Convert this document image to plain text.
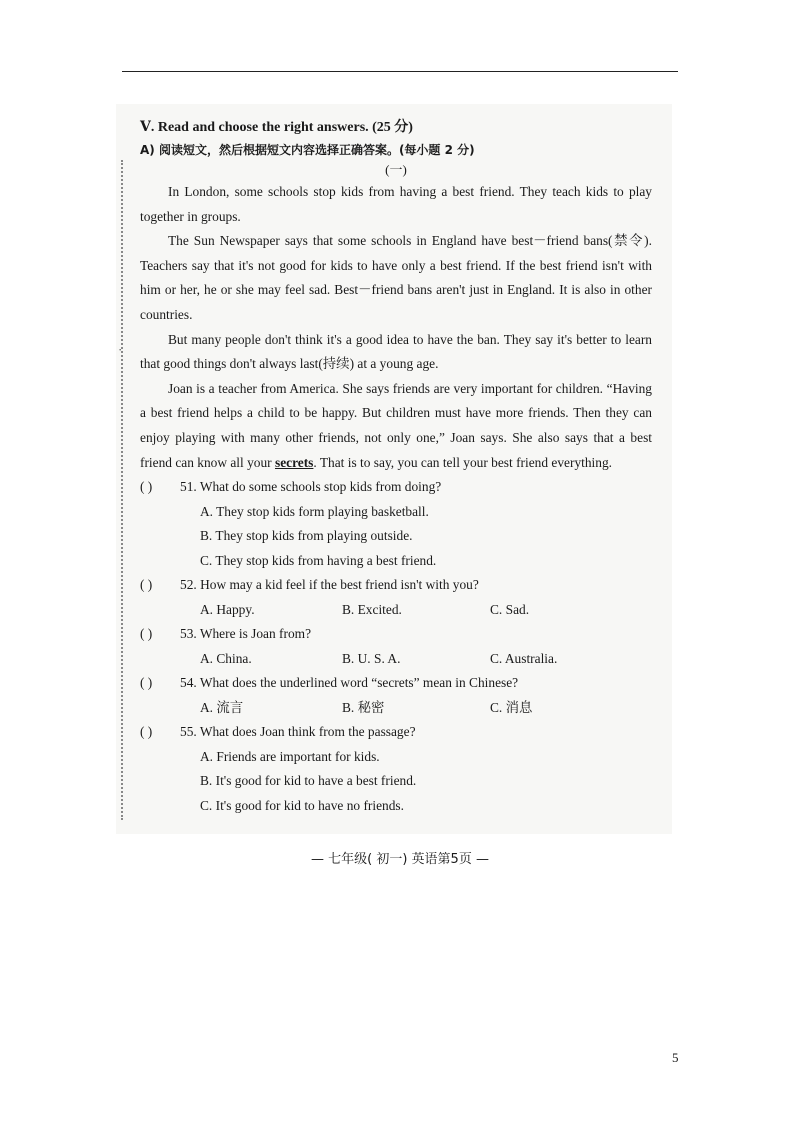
·
Ⅴ. Read and choose the right answers. (25 分)
A) 阅读短文，然后根据短文内容选择正确答案。(每小题 2 分)
(一)

In London, some schools stop kids from having a best friend. They teach kids to play together in groups.

The Sun Newspaper says that some schools in England have best－friend bans(禁令). Teachers say that it's not good for kids to have only a best friend. If the best friend isn't with him or her, he or she may feel sad. Best－friend bans aren't just in England. It is also in other countries.

But many people don't think it's a good idea to have the ban. They say it's better to learn that good things don't always last(持续) at a young age.

Joan is a teacher from America. She says friends are very important for children. “Having a best friend helps a child to be happy. But children must have more friends. Then they can enjoy playing with many other friends, not only one,” Joan says. She also says that a best friend can know all your secrets. That is to say, you can tell your best friend everything.

( ) 51. What do some schools stop kids from doing?
A. They stop kids form playing basketball.
B. They stop kids from playing outside.
C. They stop kids from having a best friend.
( ) 52. How may a kid feel if the best friend isn't with you?
A. Happy.	B. Excited.	C. Sad.
( ) 53. Where is Joan from?
A. China.	B. U. S. A.	C. Australia.
( ) 54. What does the underlined word “secrets” mean in Chinese?
A. 流言	B. 秘密	C. 消息
( ) 55. What does Joan think from the passage?
A. Friends are important for kids.
B. It's good for kid to have a best friend.
C. It's good for kid to have no friends.
— 七年级( 初一) 英语第5页 —
5
